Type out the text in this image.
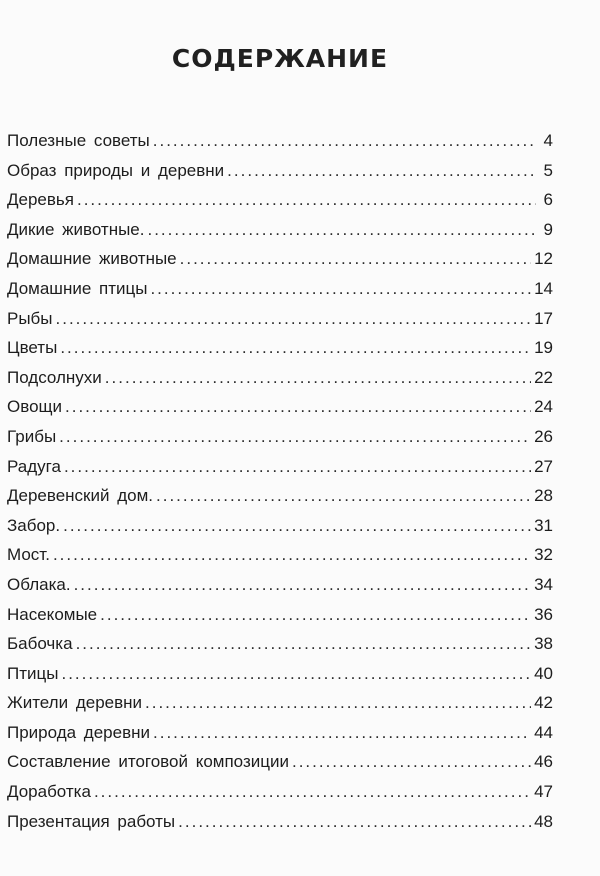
СОДЕРЖАНИЕ
Полезные советы .....	4
Образ природы и деревни .....	5
Деревья .....	6
Дикие животные. .....	9
Домашние животные .....	12
Домашние птицы .....	14
Рыбы .....	17
Цветы .....	19
Подсолнухи .....	22
Овощи .....	24
Грибы .....	26
Радуга .....	27
Деревенский дом. .....	28
Забор. .....	31
Мост. .....	32
Облака. .....	34
Насекомые .....	36
Бабочка .....	38
Птицы .....	40
Жители деревни .....	42
Природа деревни .....	44
Составление итоговой композиции .....	46
Доработка .....	47
Презентация работы .....	48
